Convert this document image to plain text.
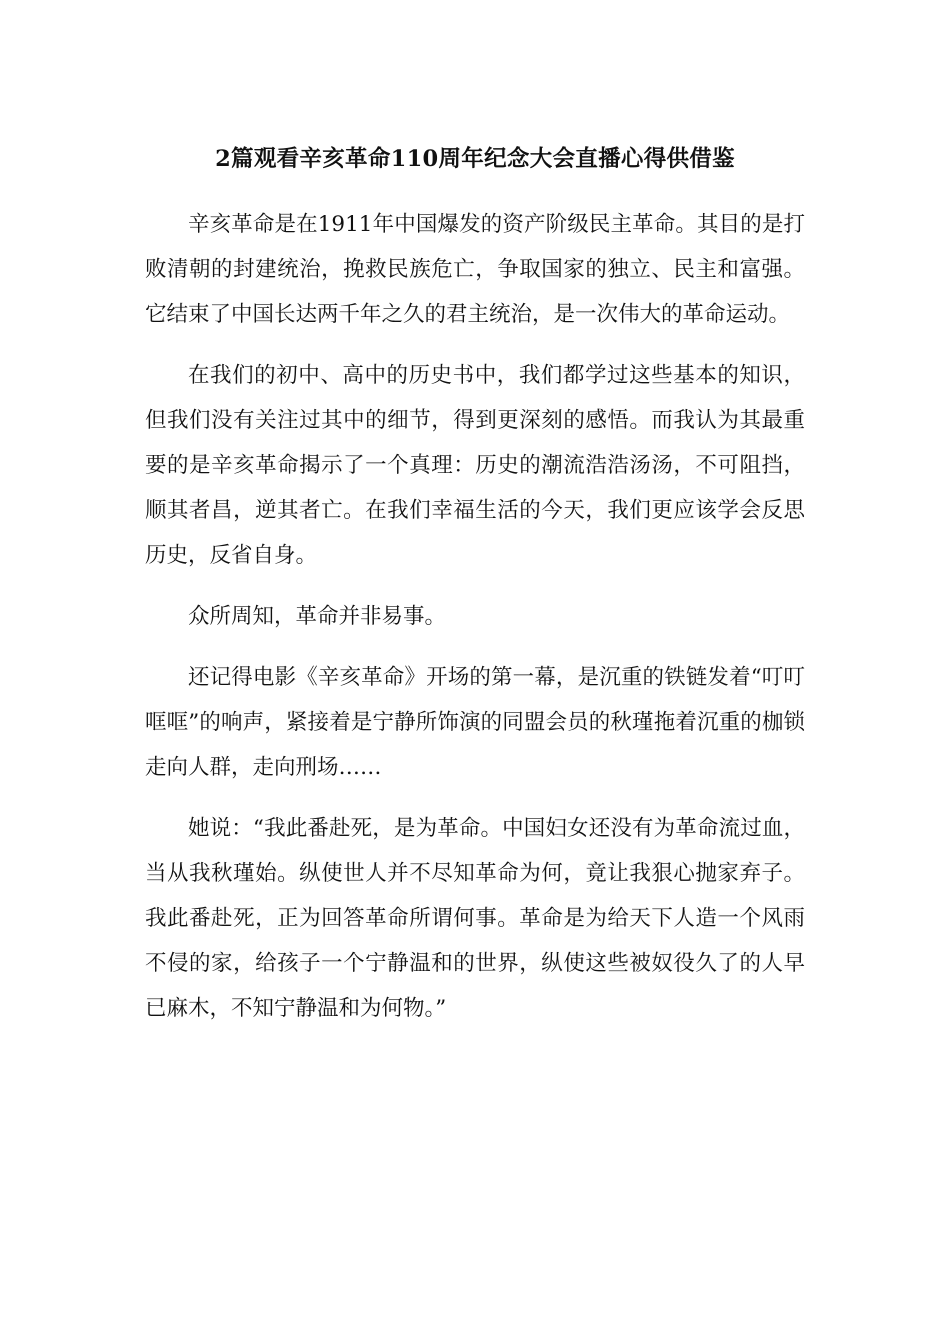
2篇观看辛亥革命110周年纪念大会直播心得供借鉴

辛亥革命是在1911年中国爆发的资产阶级民主革命。其目的是打败清朝的封建统治，挽救民族危亡，争取国家的独立、民主和富强。它结束了中国长达两千年之久的君主统治，是一次伟大的革命运动。

在我们的初中、高中的历史书中，我们都学过这些基本的知识，但我们没有关注过其中的细节，得到更深刻的感悟。而我认为其最重要的是辛亥革命揭示了一个真理：历史的潮流浩浩汤汤，不可阻挡，顺其者昌，逆其者亡。在我们幸福生活的今天，我们更应该学会反思历史，反省自身。

众所周知，革命并非易事。

还记得电影《辛亥革命》开场的第一幕，是沉重的铁链发着“叮叮哐哐”的响声，紧接着是宁静所饰演的同盟会员的秋瑾拖着沉重的枷锁走向人群，走向刑场……

她说：“我此番赴死，是为革命。中国妇女还没有为革命流过血，当从我秋瑾始。纵使世人并不尽知革命为何，竟让我狠心抛家弃子。我此番赴死，正为回答革命所谓何事。革命是为给天下人造一个风雨不侵的家，给孩子一个宁静温和的世界，纵使这些被奴役久了的人早已麻木，不知宁静温和为何物。”
